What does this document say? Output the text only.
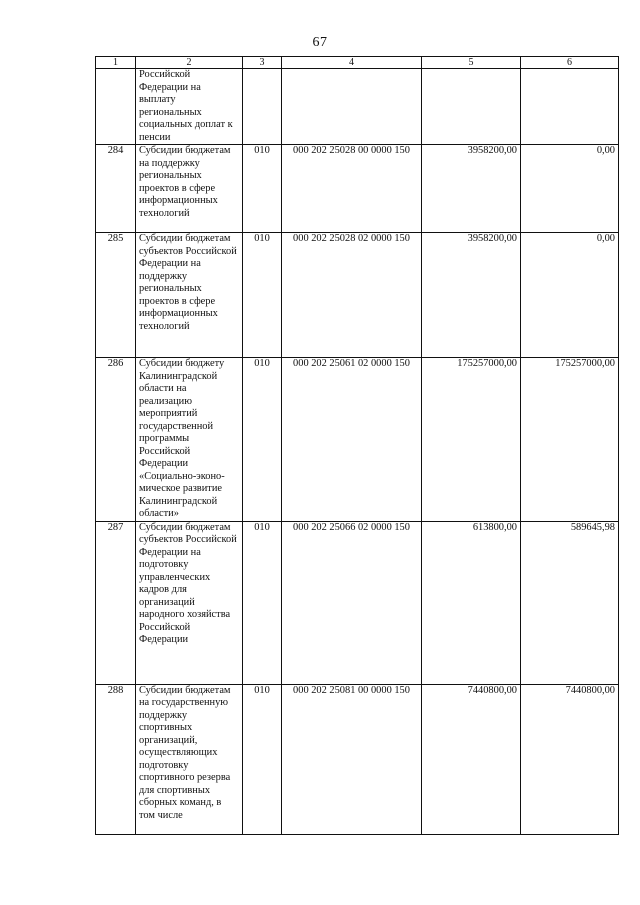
67
1	2	3	4	5	6
	Российской Федерации на выплату региональных социальных доплат к пенсии				
284	Субсидии бюджетам на поддержку региональных проектов в сфере информационных технологий	010	000 202 25028 00 0000 150	3958200,00	0,00
285	Субсидии бюджетам субъектов Российской Федерации на поддержку региональных проектов в сфере информационных технологий	010	000 202 25028 02 0000 150	3958200,00	0,00
286	Субсидии бюджету Калининградской области на реализацию мероприятий государственной программы Российской Федерации «Социально-эконо-мическое развитие Калининградской области»	010	000 202 25061 02 0000 150	175257000,00	175257000,00
287	Субсидии бюджетам субъектов Российской Федерации на подготовку управленческих кадров для организаций народного хозяйства Российской Федерации	010	000 202 25066 02 0000 150	613800,00	589645,98
288	Субсидии бюджетам на государственную поддержку спортивных организаций, осуществляющих подготовку спортивного резерва для спортивных сборных команд, в том числе	010	000 202 25081 00 0000 150	7440800,00	7440800,00
